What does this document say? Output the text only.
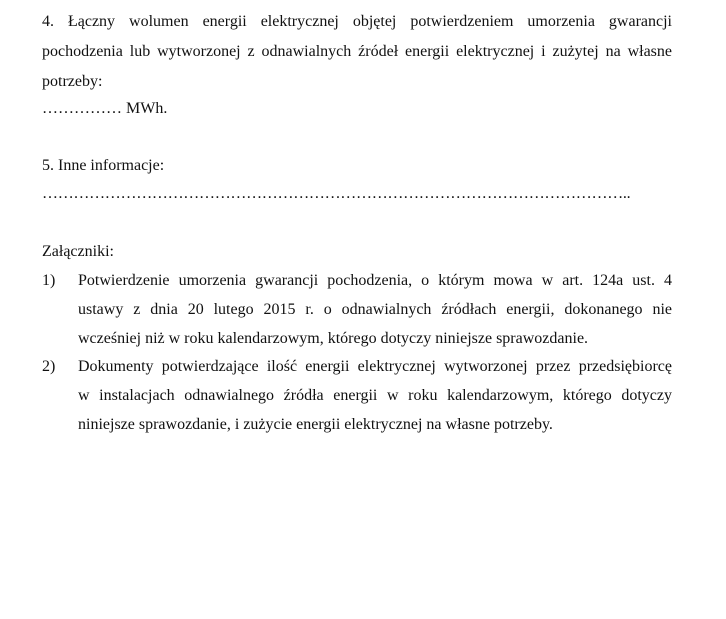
4. Łączny wolumen energii elektrycznej objętej potwierdzeniem umorzenia gwarancji
pochodzenia lub wytworzonej z odnawialnych źródeł energii elektrycznej i zużytej na własne
potrzeby:
…………… MWh.
5. Inne informacje:
…………………………………………………………………………………………………..
Załączniki:
1) Potwierdzenie umorzenia gwarancji pochodzenia, o którym mowa w art. 124a ust. 4
ustawy z dnia 20 lutego 2015 r. o odnawialnych źródłach energii, dokonanego nie
wcześniej niż w roku kalendarzowym, którego dotyczy niniejsze sprawozdanie.
2) Dokumenty potwierdzające ilość energii elektrycznej wytworzonej przez przedsiębiorcę
w instalacjach odnawialnego źródła energii w roku kalendarzowym, którego dotyczy
niniejsze sprawozdanie, i zużycie energii elektrycznej na własne potrzeby.
